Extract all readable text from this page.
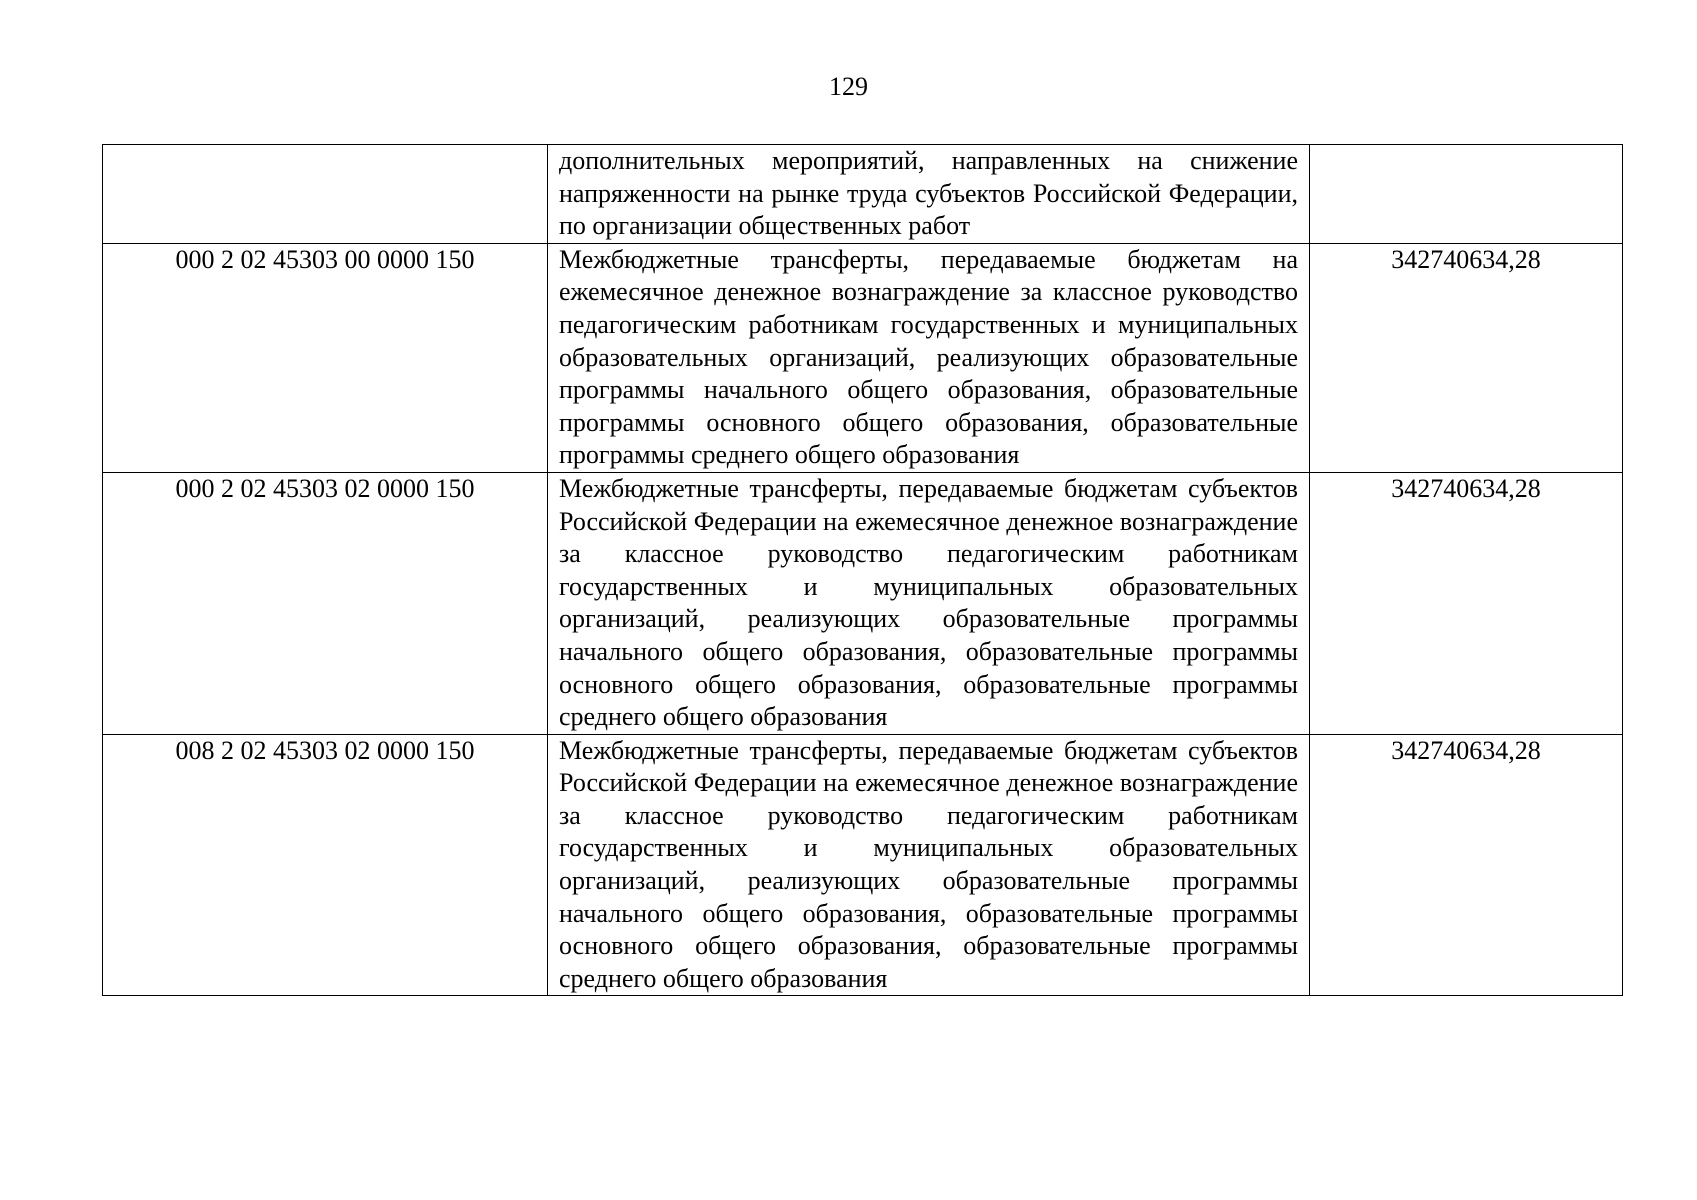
129
	дополнительных мероприятий, направленных на снижение напряженности на рынке труда субъектов Российской Федерации, по организации общественных работ	
000 2 02 45303 00 0000 150	Межбюджетные трансферты, передаваемые бюджетам на ежемесячное денежное вознаграждение за классное руководство педагогическим работникам государственных и муниципальных образовательных организаций, реализующих образовательные программы начального общего образования, образовательные программы основного общего образования, образовательные программы среднего общего образования	342740634,28
000 2 02 45303 02 0000 150	Межбюджетные трансферты, передаваемые бюджетам субъектов Российской Федерации на ежемесячное денежное вознаграждение за классное руководство педагогическим работникам государственных и муниципальных образовательных организаций, реализующих образовательные программы начального общего образования, образовательные программы основного общего образования, образовательные программы среднего общего образования	342740634,28
008 2 02 45303 02 0000 150	Межбюджетные трансферты, передаваемые бюджетам субъектов Российской Федерации на ежемесячное денежное вознаграждение за классное руководство педагогическим работникам государственных и муниципальных образовательных организаций, реализующих образовательные программы начального общего образования, образовательные программы основного общего образования, образовательные программы среднего общего образования	342740634,28
